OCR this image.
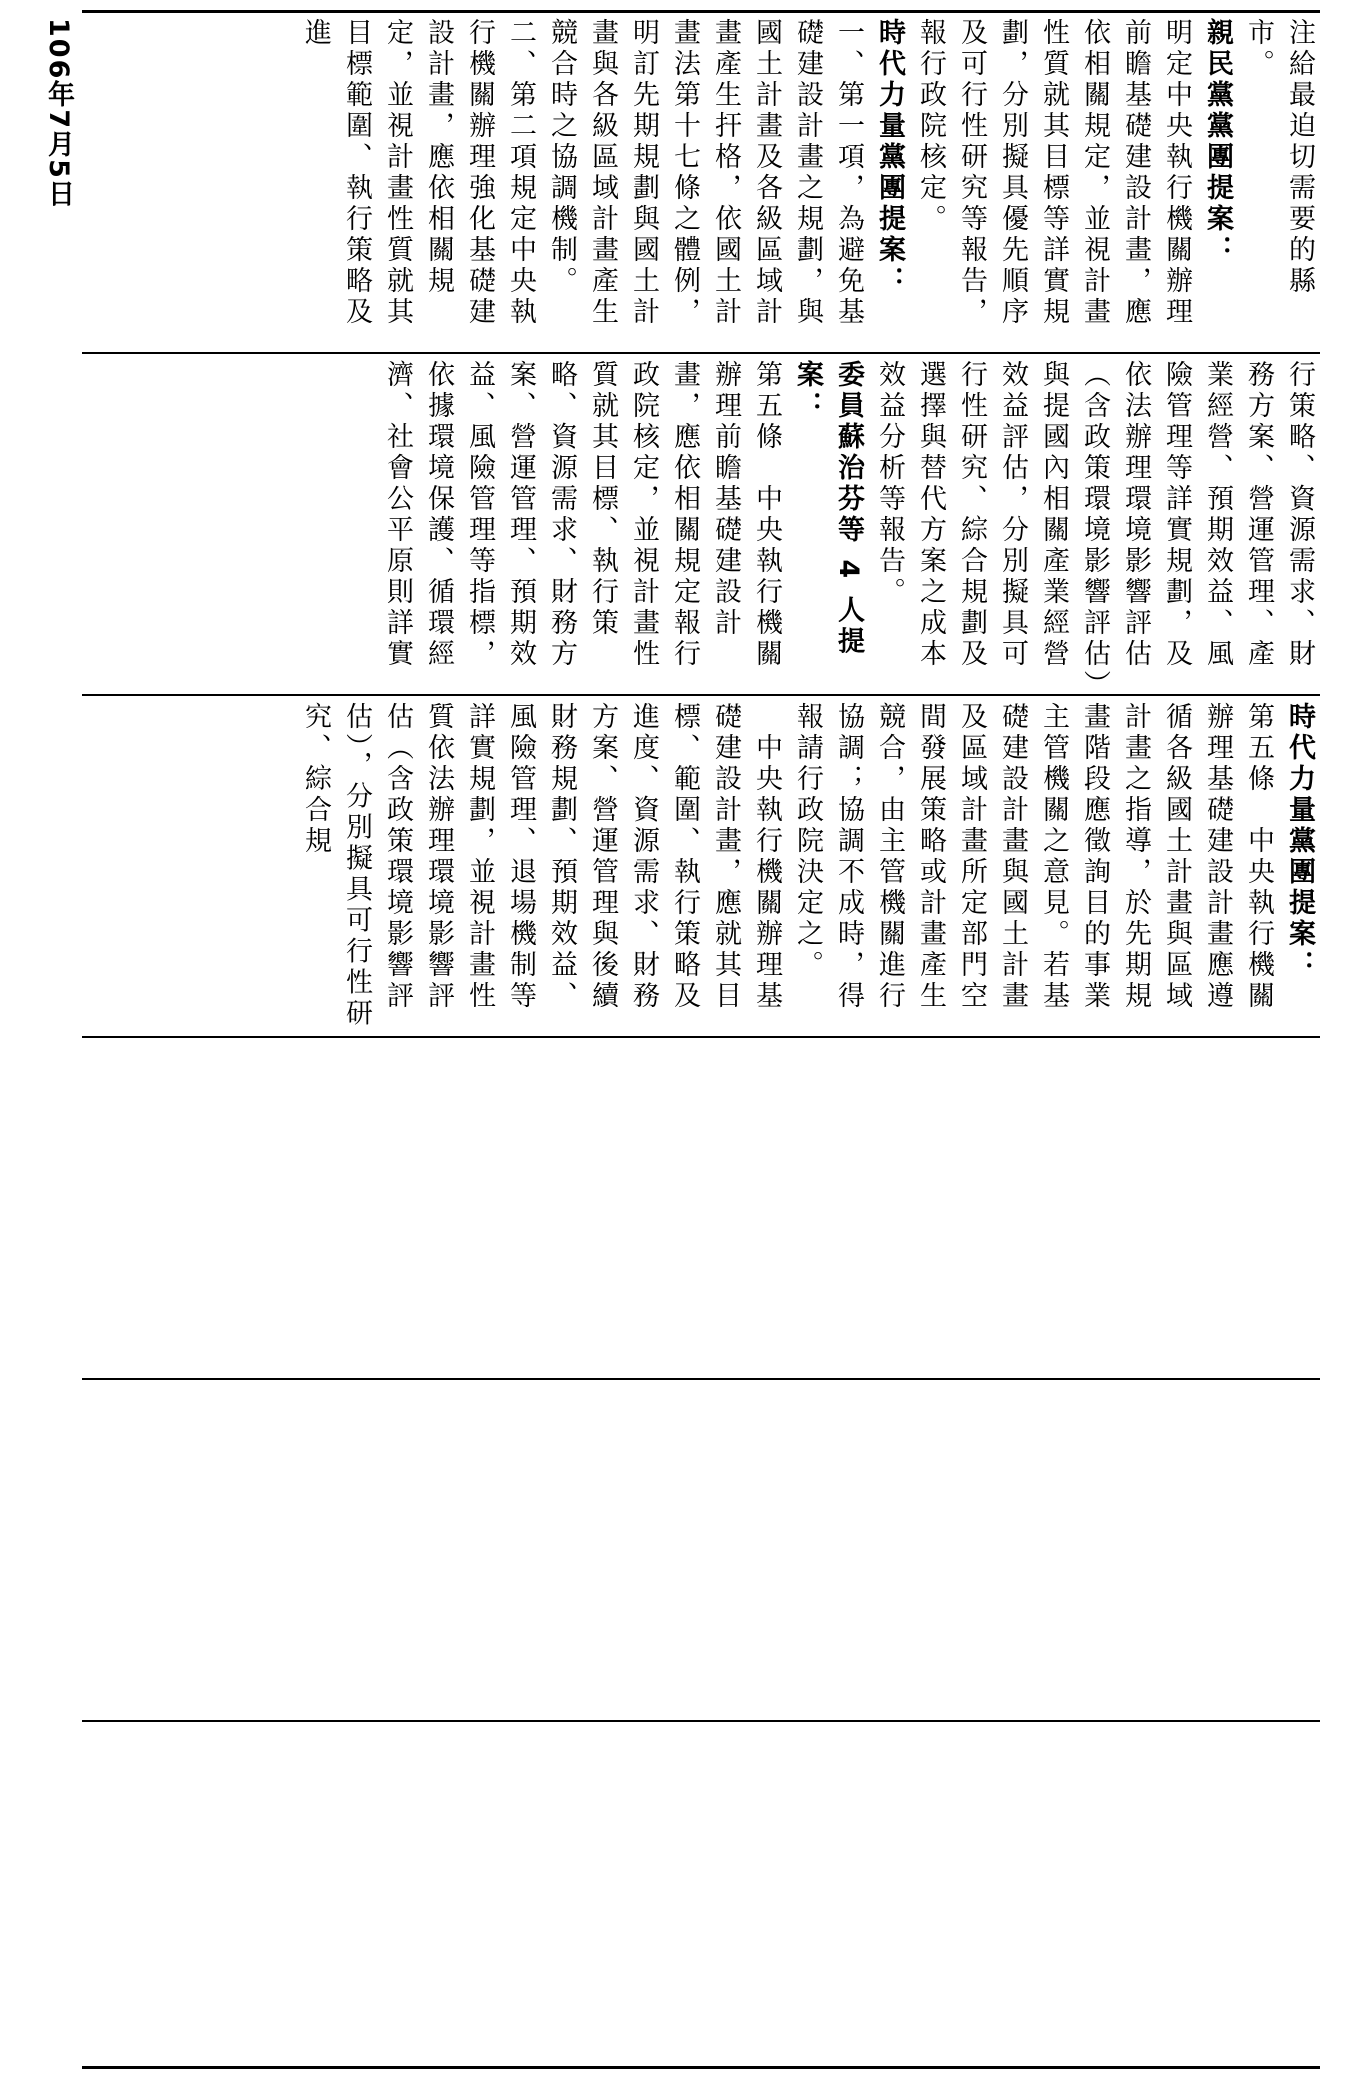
106年7月5日	注給最迫切需要的縣市。
親民黨黨團提案：
明定中央執行機關辦理前瞻基礎建設計畫，應依相關規定，並視計畫性質就其目標等詳實規劃，分別擬具優先順序及可行性研究等報告，報行政院核定。
時代力量黨團提案：
一、第一項，為避免基礎建設計畫之規劃，與國土計畫及各級區域計畫產生扞格，依國土計畫法第十七條之體例，明訂先期規劃與國土計畫與各級區域計畫產生競合時之協調機制。
二、第二項規定中央執行機關辦理強化基礎建設計畫，應依相關規定，並視計畫性質就其目標範圍、執行策略及進
行策略、資源需求、財務方案、營運管理、產業經營、預期效益、風險管理等詳實規劃，及依法辦理環境影響評估（含政策環境影響評估）與提國內相關產業經營效益評估，分別擬具可行性研究、綜合規劃及選擇與替代方案之成本效益分析等報告。
委員蘇治芬等 4 人提案：
第五條　中央執行機關辦理前瞻基礎建設計畫，應依相關規定報行政院核定，並視計畫性質就其目標、執行策略、資源需求、財務方案、營運管理、預期效益、風險管理等指標，依據環境保護、循環經濟、社會公平原則詳實
時代力量黨團提案：
第五條　中央執行機關辦理基礎建設計畫應遵循各級國土計畫與區域計畫之指導，於先期規畫階段應徵詢目的事業主管機關之意見。若基礎建設計畫與國土計畫及區域計畫所定部門空間發展策略或計畫產生競合，由主管機關進行協調；協調不成時，得報請行政院決定之。
　中央執行機關辦理基礎建設計畫，應就其目標、範圍、執行策略及進度、資源需求、財務方案、營運管理與後續財務規劃、預期效益、風險管理、退場機制等詳實規劃，並視計畫性質依法辦理環境影響評估（含政策環境影響評估），分別擬具可行性研究、綜合規
